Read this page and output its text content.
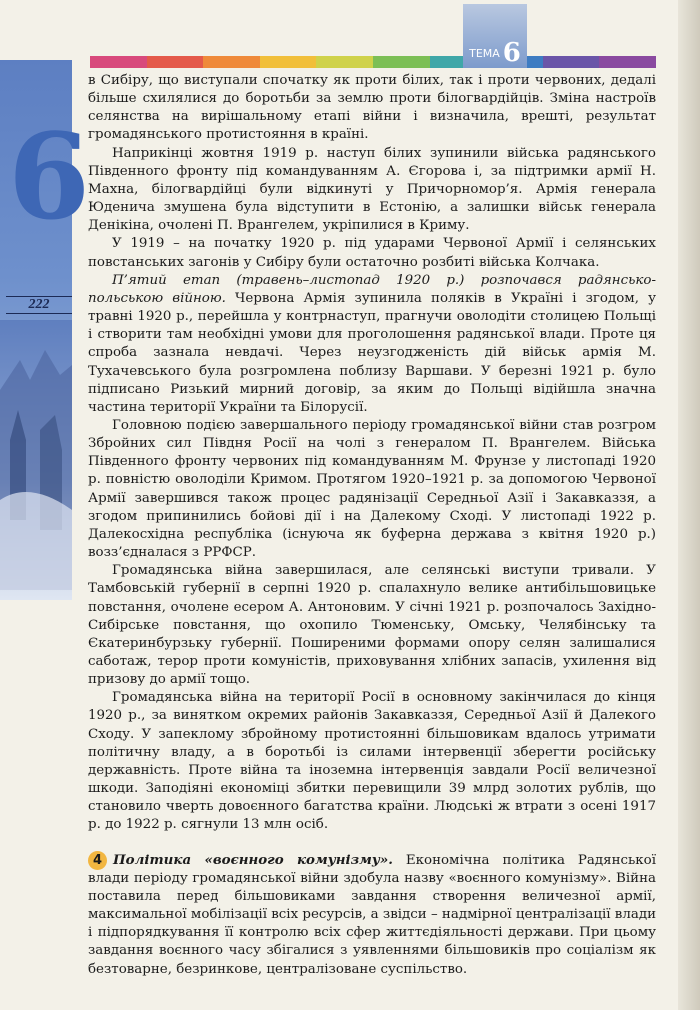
ТЕМА 6
6
222

в Сибіру, що виступали спочатку як проти білих, так і проти червоних, дедалі більше схилялися до боротьби за землю проти білогвардійців. Зміна настроїв селянства на вирішальному етапі війни і визначила, врешті, результат громадянського протистояння в країні.

Наприкінці жовтня 1919 р. наступ білих зупинили війська радянського Південного фронту під командуванням А. Єгорова і, за підтримки армії Н. Махна, білогвардійці були відкинуті у Причорномор’я. Армія генерала Юденича змушена була відступити в Естонію, а залишки військ генерала Денікіна, очолені П. Врангелем, укріпилися в Криму.

У 1919 – на початку 1920 р. під ударами Червоної Армії і селянських повстанських загонів у Сибіру були остаточно розбиті війська Колчака.

П’ятий етап (травень–листопад 1920 р.) розпочався радянсько-польською війною. Червона Армія зупинила поляків в Україні і згодом, у травні 1920 р., перейшла у контрнаступ, прагнучи оволодіти столицею Польщі і створити там необхідні умови для проголошення радянської влади. Проте ця спроба зазнала невдачі. Через неузгодженість дій військ армія М. Тухачевського була розгромлена поблизу Варшави. У березні 1921 р. було підписано Ризький мирний договір, за яким до Польщі відійшла значна частина території України та Білорусії.

Головною подією завершального періоду громадянської війни став розгром Збройних сил Півдня Росії на чолі з генералом П. Врангелем. Війська Південного фронту червоних під командуванням М. Фрунзе у листопаді 1920 р. повністю оволоділи Кримом. Протягом 1920–1921 р. за допомогою Червоної Армії завершився також процес радянізації Середньої Азії і Закавказзя, а згодом припинились бойові дії і на Далекому Сході. У листопаді 1922 р. Далекосхідна республіка (існуюча як буферна держава з квітня 1920 р.) возз’єдналася з РРФСР.

Громадянська війна завершилася, але селянські виступи тривали. У Тамбовській губернії в серпні 1920 р. спалахнуло велике антибільшовицьке повстання, очолене есером А. Антоновим. У січні 1921 р. розпочалось Західно-Сибірське повстання, що охопило Тюменську, Омську, Челябінську та Єкатеринбурзьку губернії. Поширеними формами опору селян залишалися саботаж, терор проти комуністів, приховування хлібних запасів, ухилення від призову до армії тощо.

Громадянська війна на території Росії в основному закінчилася до кінця 1920 р., за винятком окремих районів Закавказзя, Середньої Азії й Далекого Сходу. У запеклому збройному протистоянні більшовикам вдалось утримати політичну владу, а в боротьбі із силами інтервенції зберегти російську державність. Проте війна та іноземна інтервенція завдали Росії величезної шкоди. Заподіяні економіці збитки перевищили 39 млрд золотих рублів, що становило чверть довоєнного багатства країни. Людські ж втрати з осені 1917 р. до 1922 р. сягнули 13 млн осіб.

4 Політика «воєнного комунізму». Економічна політика Радянської влади періоду громадянської війни здобула назву «воєнного комунізму». Війна поставила перед більшовиками завдання створення величезної армії, максимальної мобілізації всіх ресурсів, а звідси – надмірної централізації влади і підпорядкування її контролю всіх сфер життєдіяльності держави. При цьому завдання воєнного часу збігалися з уявленнями більшовиків про соціалізм як безтоварне, безринкове, централізоване суспільство.
